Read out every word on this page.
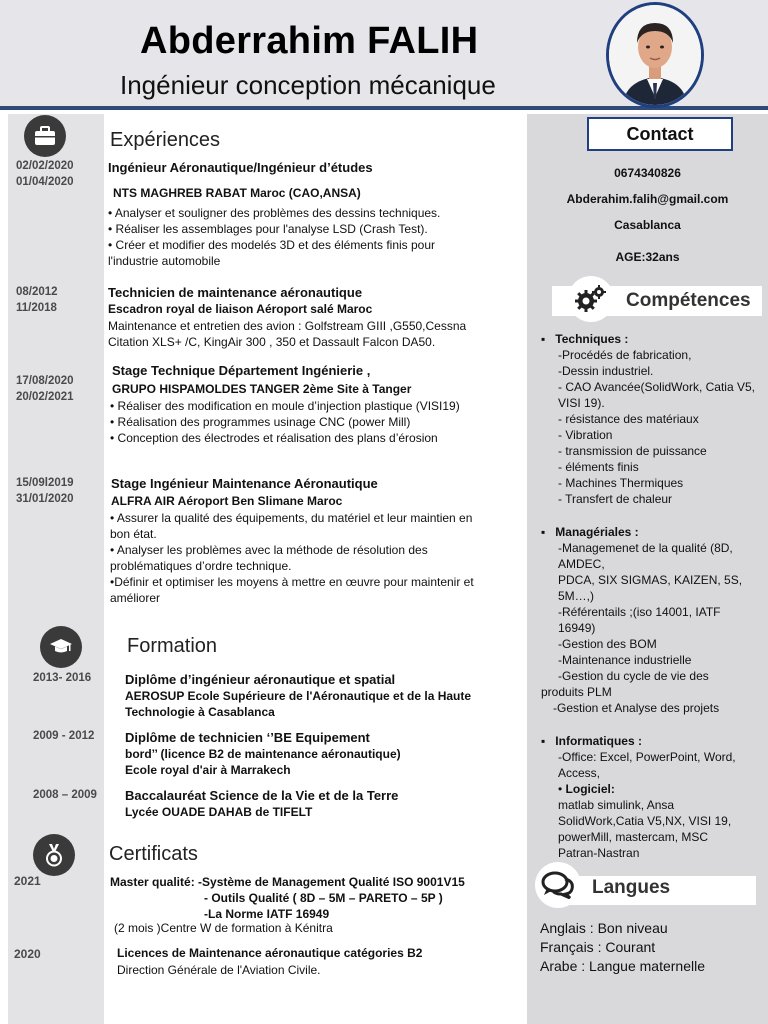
Abderrahim FALIH
Ingénieur conception mécanique
Expériences
02/02/2020
01/04/2020
Ingénieur Aéronautique/Ingénieur d’études
NTS MAGHREB RABAT Maroc (CAO,ANSA)
• Analyser et souligner des problèmes des dessins techniques.
• Réaliser les assemblages pour l'analyse LSD (Crash Test).
• Créer et modifier des modelés 3D et des éléments finis pour
l'industrie automobile
08/2012
11/2018
Technicien de maintenance aéronautique
Escadron royal de liaison Aéroport salé Maroc
Maintenance et entretien des avion : Golfstream GIII ,G550,Cessna
Citation XLS+ /C, KingAir 300 , 350 et Dassault Falcon DA50.
17/08/2020
20/02/2021
Stage Technique Département Ingénierie ,
GRUPO HISPAMOLDES TANGER 2ème Site à Tanger
• Réaliser des modification en moule d’injection plastique (VISI19)
• Réalisation des programmes usinage CNC (power Mill)
• Conception des électrodes et réalisation des plans d’érosion
15/09l2019
31/01/2020
Stage Ingénieur Maintenance Aéronautique
ALFRA AIR Aéroport Ben Slimane Maroc
• Assurer la qualité des équipements, du matériel et leur maintien en
bon état.
• Analyser les problèmes avec la méthode de résolution des
problématiques d’ordre technique.
•Définir et optimiser les moyens à mettre en œuvre pour maintenir et
améliorer
Formation
2013- 2016	Diplôme d’ingénieur aéronautique et spatial
AEROSUP Ecole Supérieure de l'Aéronautique et de la Haute
Technologie à Casablanca
2009 - 2012 Diplôme de technicien ‘’BE Equipement
bord’’ (licence B2 de maintenance aéronautique)
Ecole royal d'air à Marrakech
2008 – 2009 Baccalauréat Science de la Vie et de la Terre
Lycée OUADE DAHAB de TIFELT
Certificats
2021	Master qualité: -Système de Management Qualité ISO 9001V15
- Outils Qualité ( 8D – 5M – PARETO – 5P )
-La Norme IATF 16949
(2 mois )Centre W de formation à Kénitra
2020	Licences de Maintenance aéronautique catégories B2
Direction Générale de l'Aviation Civile.
Contact
0674340826
Abderahim.falih@gmail.com
Casablanca
AGE:32ans
Compétences
▪ Techniques :
-Procédés de fabrication,
-Dessin industriel.
- CAO Avancée(SolidWork, Catia V5,
VISI 19).
- résistance des matériaux
- Vibration
- transmission de puissance
- éléments finis
- Machines Thermiques
- Transfert de chaleur
▪ Managériales :
-Managemenet de la qualité (8D,
AMDEC,
PDCA, SIX SIGMAS, KAIZEN, 5S,
5M…,)
-Référentails ;(iso 14001, IATF
16949)
-Gestion des BOM
-Maintenance industrielle
-Gestion du cycle de vie des
produits PLM
-Gestion et Analyse des projets
▪ Informatiques :
-Office: Excel, PowerPoint, Word,
Access,
• Logiciel:
matlab simulink, Ansa
SolidWork,Catia V5,NX, VISI 19,
powerMill, mastercam, MSC
Patran-Nastran
Langues
Anglais : Bon niveau
Français : Courant
Arabe : Langue maternelle
